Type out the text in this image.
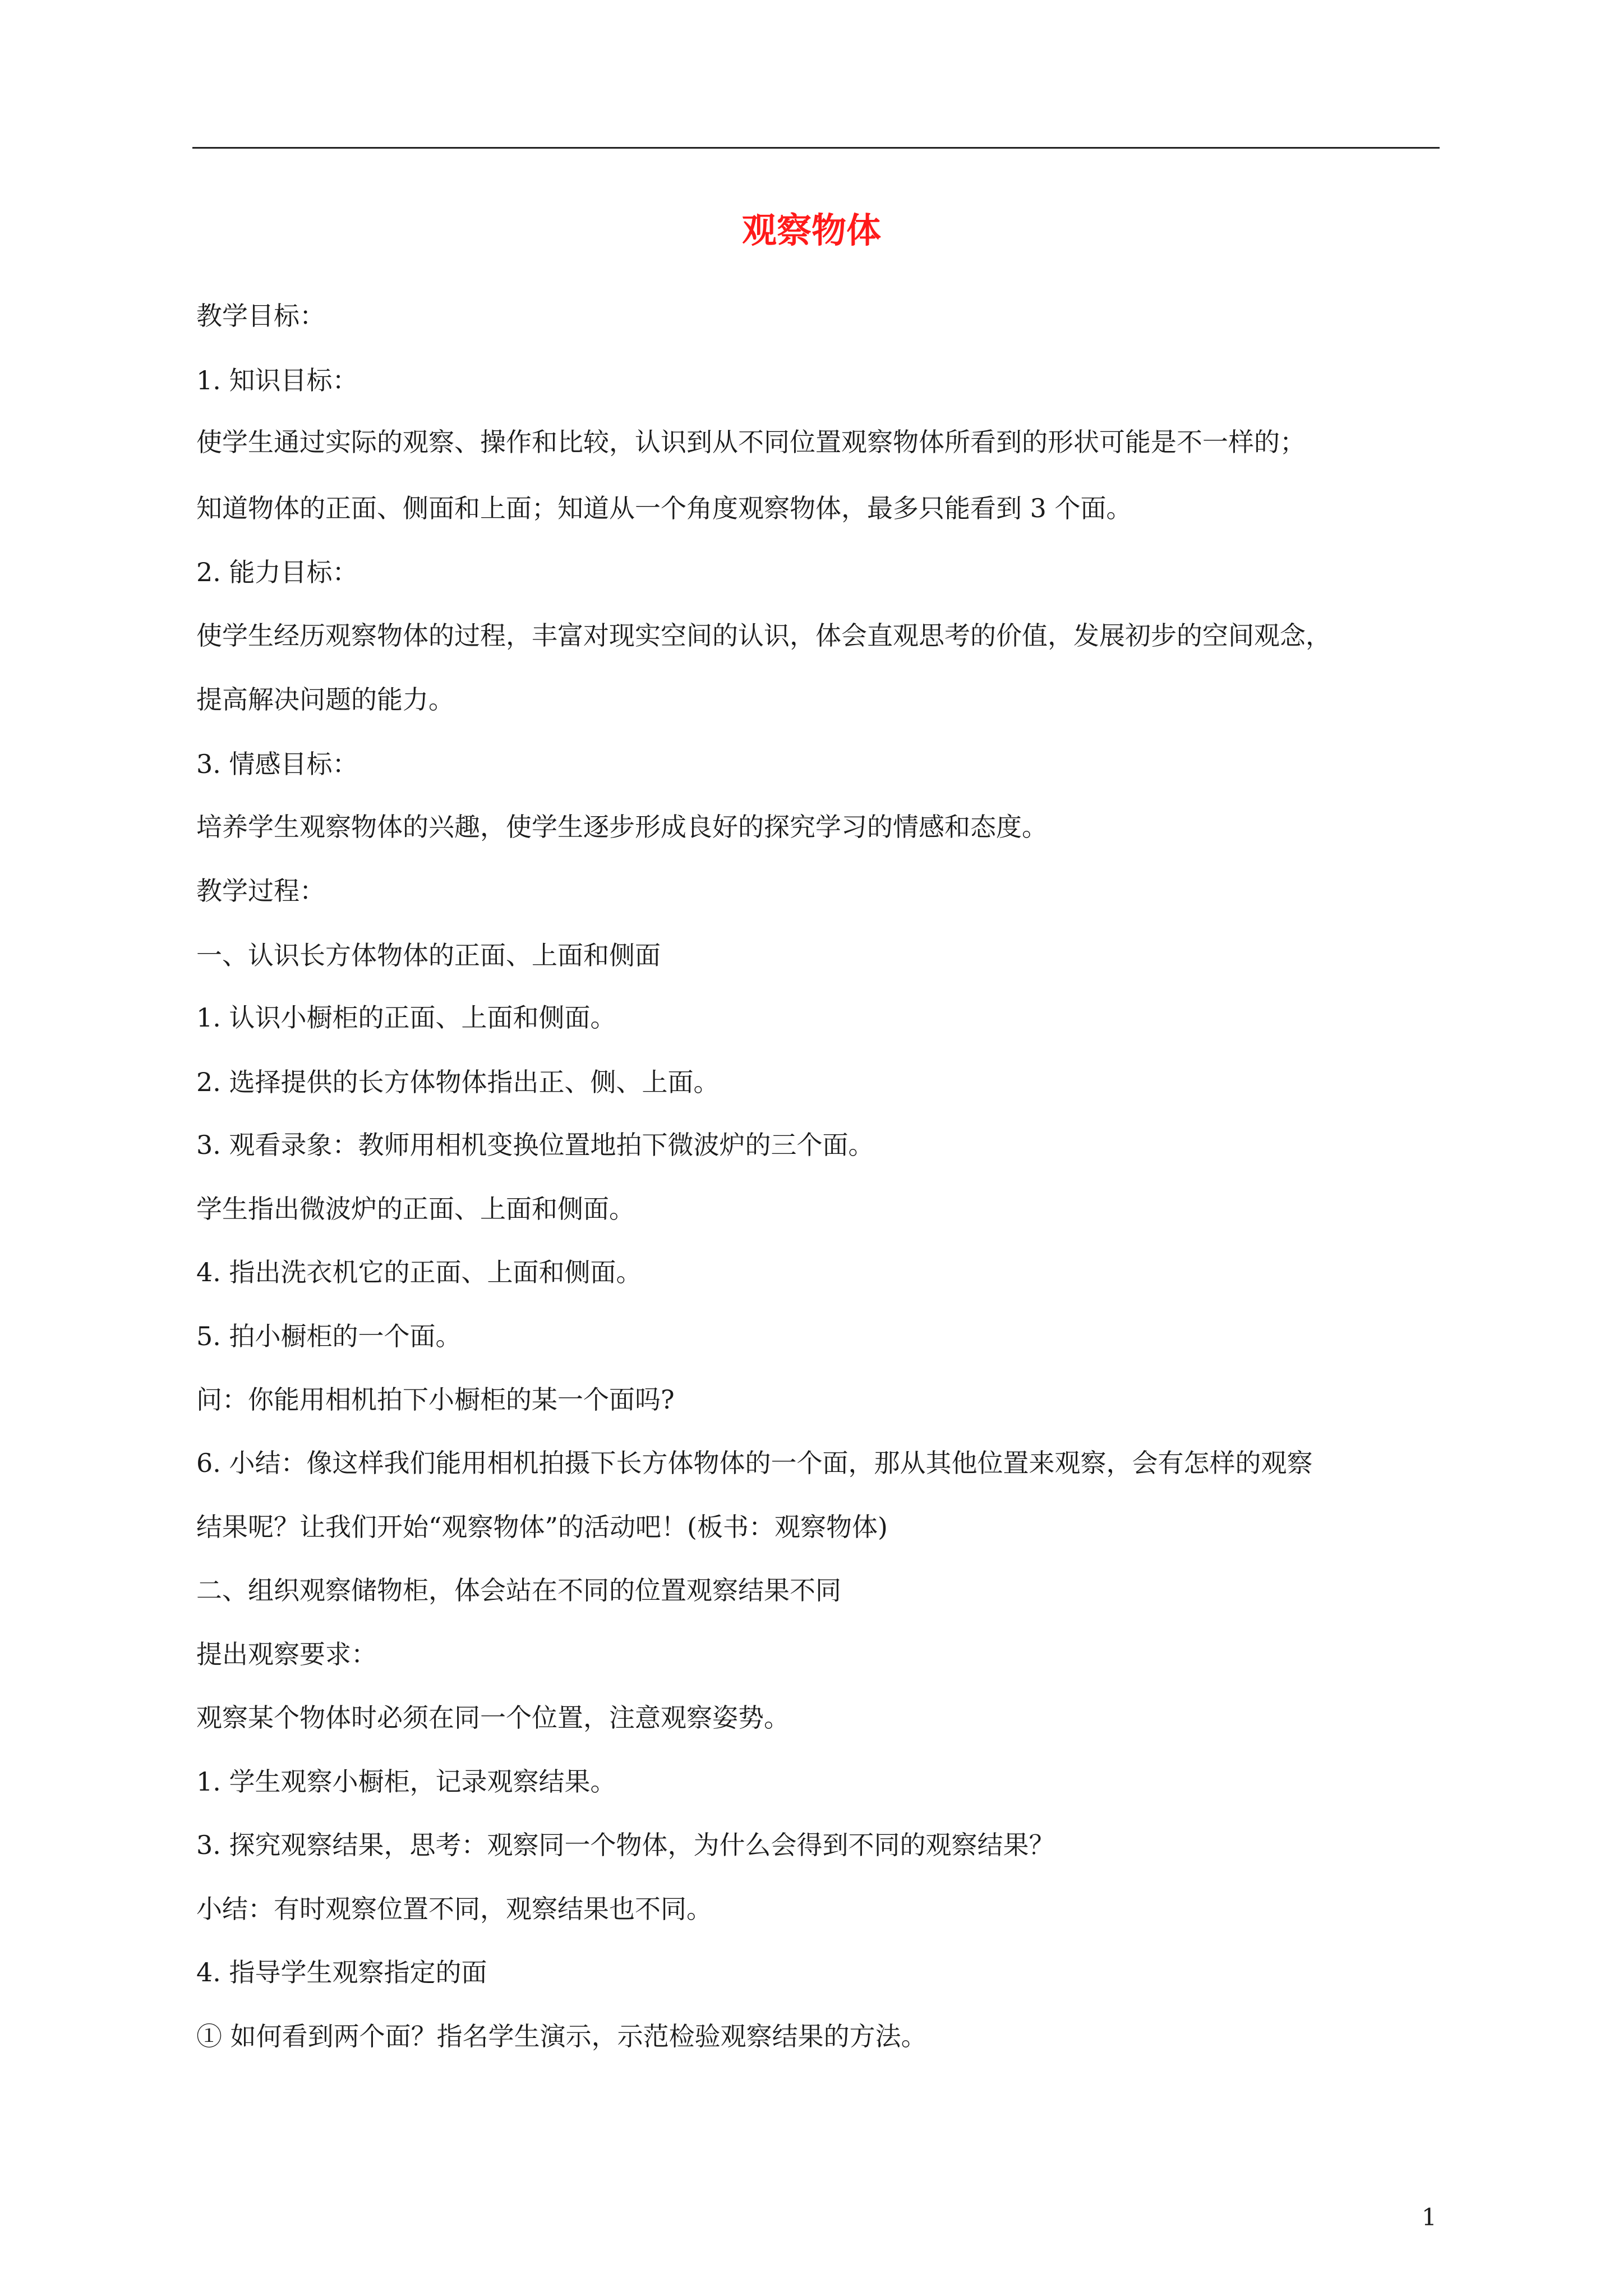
观察物体
教学目标：
1. 知识目标：
使学生通过实际的观察、操作和比较，认识到从不同位置观察物体所看到的形状可能是不一样的；
知道物体的正面、侧面和上面；知道从一个角度观察物体，最多只能看到 3 个面。
2. 能力目标：
使学生经历观察物体的过程，丰富对现实空间的认识，体会直观思考的价值，发展初步的空间观念，
提高解决问题的能力。
3. 情感目标：
培养学生观察物体的兴趣，使学生逐步形成良好的探究学习的情感和态度。
教学过程：
一、认识长方体物体的正面、上面和侧面
1. 认识小橱柜的正面、上面和侧面。
2. 选择提供的长方体物体指出正、侧、上面。
3. 观看录象：教师用相机变换位置地拍下微波炉的三个面。
学生指出微波炉的正面、上面和侧面。
4. 指出洗衣机它的正面、上面和侧面。
5. 拍小橱柜的一个面。
问：你能用相机拍下小橱柜的某一个面吗?
6. 小结：像这样我们能用相机拍摄下长方体物体的一个面，那从其他位置来观察，会有怎样的观察
结果呢？让我们开始“观察物体”的活动吧！(板书：观察物体)
二、组织观察储物柜，体会站在不同的位置观察结果不同
提出观察要求：
观察某个物体时必须在同一个位置，注意观察姿势。
1. 学生观察小橱柜，记录观察结果。
3. 探究观察结果，思考：观察同一个物体，为什么会得到不同的观察结果？
小结：有时观察位置不同，观察结果也不同。
4. 指导学生观察指定的面
① 如何看到两个面？指名学生演示，示范检验观察结果的方法。
1
